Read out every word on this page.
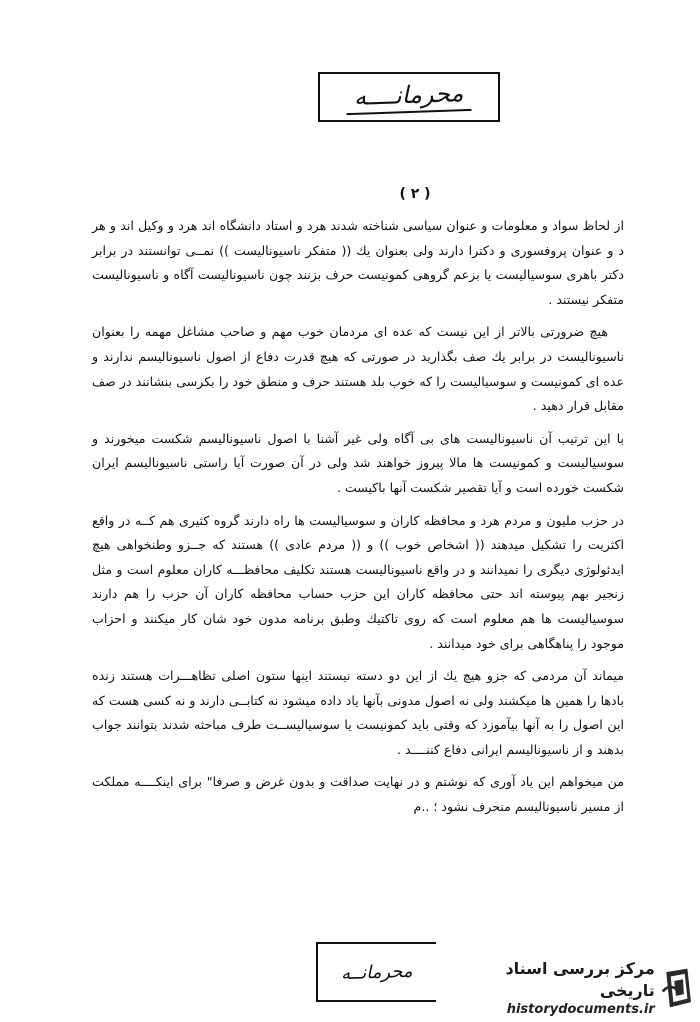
محرمانــــه
( ۲ )

از لحاظ سواد و معلومات و عنوان سیاسی شناخته شدند هرد و استاد دانشگاه اند هرد و وکیل اند و هر د و عنوان پروفسوری و دکترا دارند ولی بعنوان یك (( متفکر ناسیونالیست )) نمــی توانستند در برابر دکتر باهری سوسیالیست یا بزعم گروهی کمونیست حرف بزنند چون ناسیونالیست آگاه و ناسیونالیست متفکر نیستند .

هیچ ضرورتی بالاتر از این نیست که عده ای مردمان خوب مهم و صاحب مشاغل مهمه را بعنوان ناسیونالیست در برابر یك صف بگذارید در صورتی که هیچ قدرت دفاع از اصول ناسیونالیسم ندارند و عده ای کمونیست و سوسیالیست را که خوب بلد هستند حرف و منطق خود را بکرسی بنشانند در صف مقابل قرار دهید .

با این ترتیب آن ناسیونالیست های بی آگاه ولی غیر آشنا با اصول ناسیونالیسم شکست میخورند و سوسیالیست و کمونیست ها مالا پیروز خواهند شد ولی در آن صورت آیا راستی ناسیونالیسم ایران شکست خورده است و آیا تقصیر شکست آنها باکیست .

در حزب ملیون و مردم هرد و محافظه کاران و سوسیالیست ها راه دارند گروه کثیری هم کــه در واقع اکثریت را تشکیل میدهند (( اشخاص خوب )) و (( مردم عادی )) هستند که جــزو وطنخواهی هیچ ایدئولوژی دیگری را نمیدانند و در واقع ناسیونالیست هستند تکلیف محافظـــه کاران معلوم است و مثل زنجیر بهم پیوسته اند حتی محافظه کاران این حزب حساب محافظه کاران آن حزب را هم دارند سوسیالیست ها هم معلوم است که روی تاکتیك وطبق برنامه مدون خود شان کار میکنند و احزاب موجود را پناهگاهی برای خود میدانند .

میماند آن مردمی که جزو هیچ یك از این دو دسته نیستند اینها ستون اصلی تظاهـــرات هستند زنده بادها را همین ها میکشند ولی نه اصول مدونی بآنها یاد داده میشود نه کتابــی دارند و نه کسی هست که این اصول را به آنها بیآموزد که وقتی باید کمونیست یا سوسیالیســت طرف مباحثه شدند بتوانند جواب بدهند و از ناسیونالیسم ایرانی دفاع کننــــد .

من میخواهم این یاد آوری که نوشتم و در نهایت صداقت و بدون غرض و صرفا" برای اینکــــه مملکت از مسیر ناسیونالیسم منحرف نشود ؛ ..م

محرمانــه	مرکز بررسی اسناد تاریخی
historydocuments.ir
